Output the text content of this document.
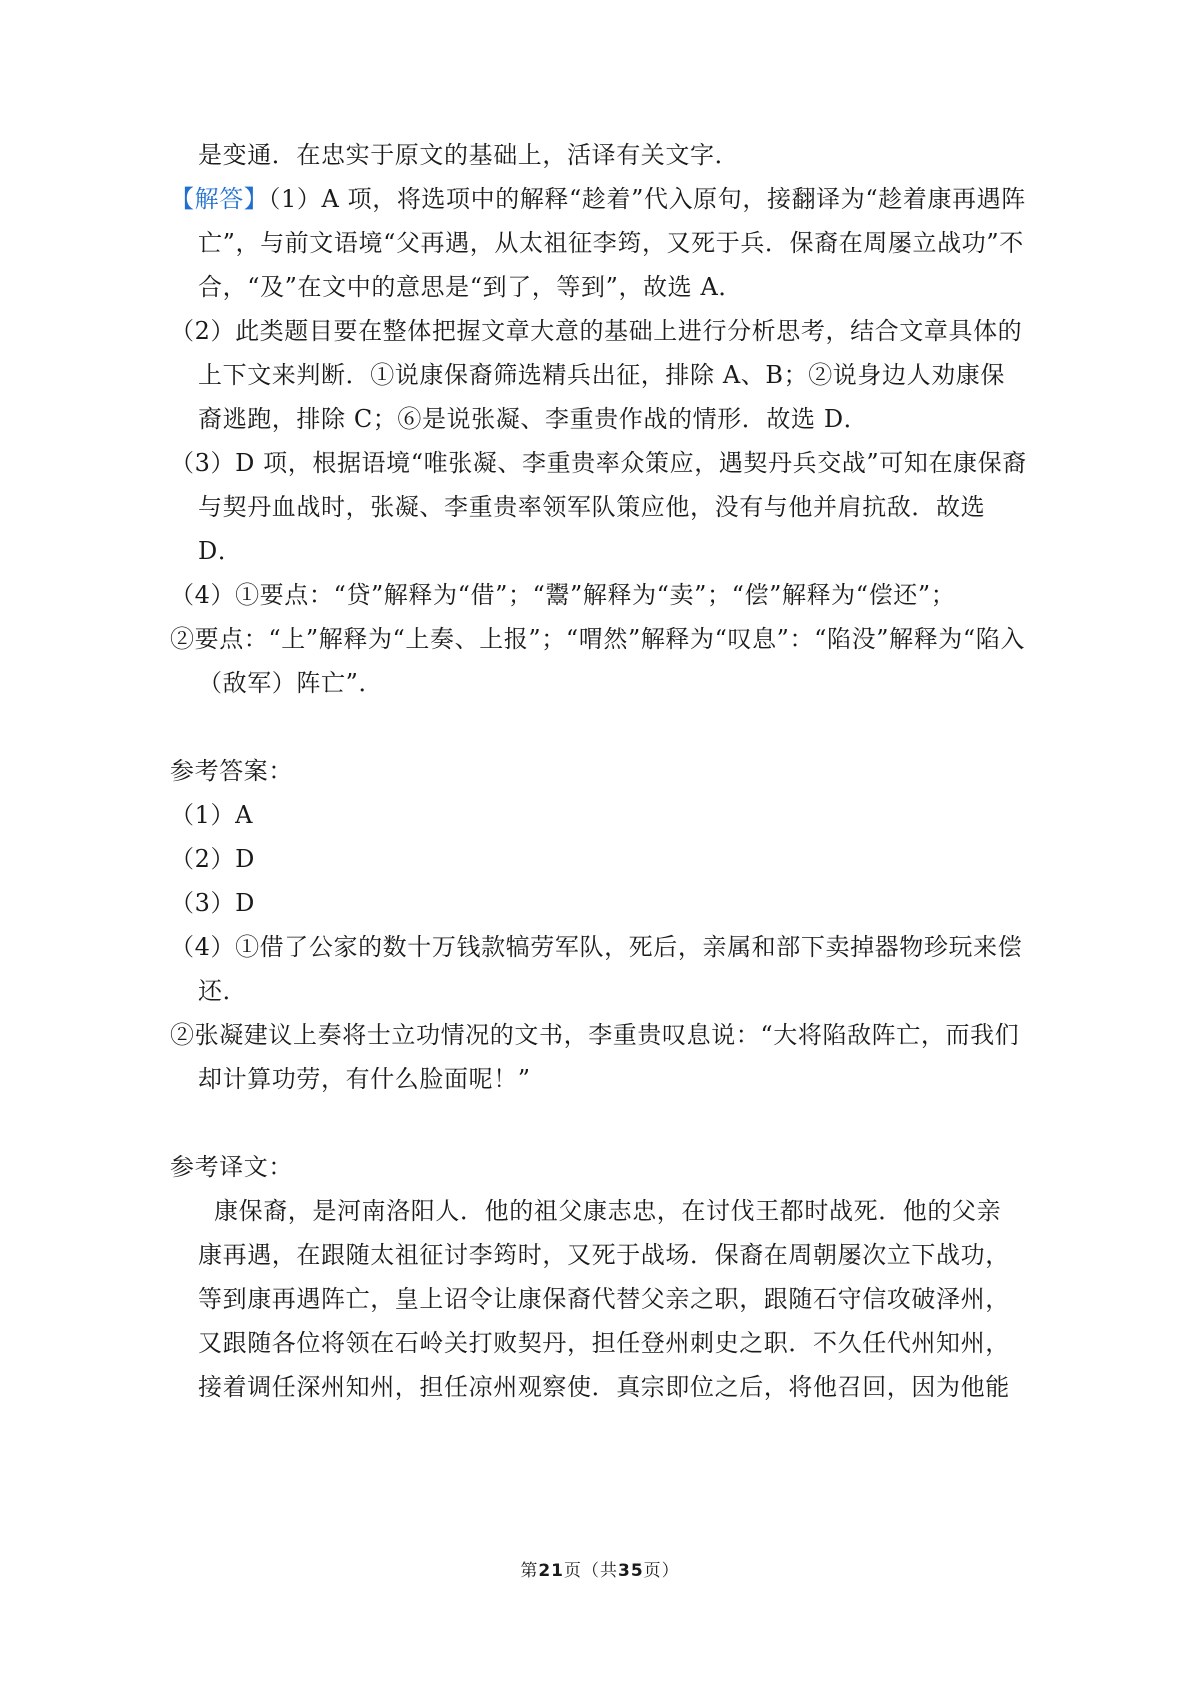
是变通．在忠实于原文的基础上，活译有关文字．
【解答】（1）A 项，将选项中的解释“趁着”代入原句，接翻译为“趁着康再遇阵
亡”，与前文语境“父再遇，从太祖征李筠，又死于兵．保裔在周屡立战功”不
合，“及”在文中的意思是“到了，等到”，故选 A．
（2）此类题目要在整体把握文章大意的基础上进行分析思考，结合文章具体的
上下文来判断．①说康保裔筛选精兵出征，排除 A、B；②说身边人劝康保
裔逃跑，排除 C；⑥是说张凝、李重贵作战的情形．故选 D．
（3）D 项，根据语境“唯张凝、李重贵率众策应，遇契丹兵交战”可知在康保裔
与契丹血战时，张凝、李重贵率领军队策应他，没有与他并肩抗敌．故选
D．
（4）①要点：“贷”解释为“借”；“鬻”解释为“卖”；“偿”解释为“偿还”；
②要点：“上”解释为“上奏、上报”；“喟然”解释为“叹息”：“陷没”解释为“陷入
（敌军）阵亡”．
参考答案：
（1）A
（2）D
（3）D
（4）①借了公家的数十万钱款犒劳军队，死后，亲属和部下卖掉器物珍玩来偿
还．
②张凝建议上奏将士立功情况的文书，李重贵叹息说：“大将陷敌阵亡，而我们
却计算功劳，有什么脸面呢！”
参考译文：
康保裔，是河南洛阳人．他的祖父康志忠，在讨伐王都时战死．他的父亲
康再遇，在跟随太祖征讨李筠时，又死于战场．保裔在周朝屡次立下战功，
等到康再遇阵亡，皇上诏令让康保裔代替父亲之职，跟随石守信攻破泽州，
又跟随各位将领在石岭关打败契丹，担任登州刺史之职．不久任代州知州，
接着调任深州知州，担任凉州观察使．真宗即位之后，将他召回，因为他能
第21页（共35页）
